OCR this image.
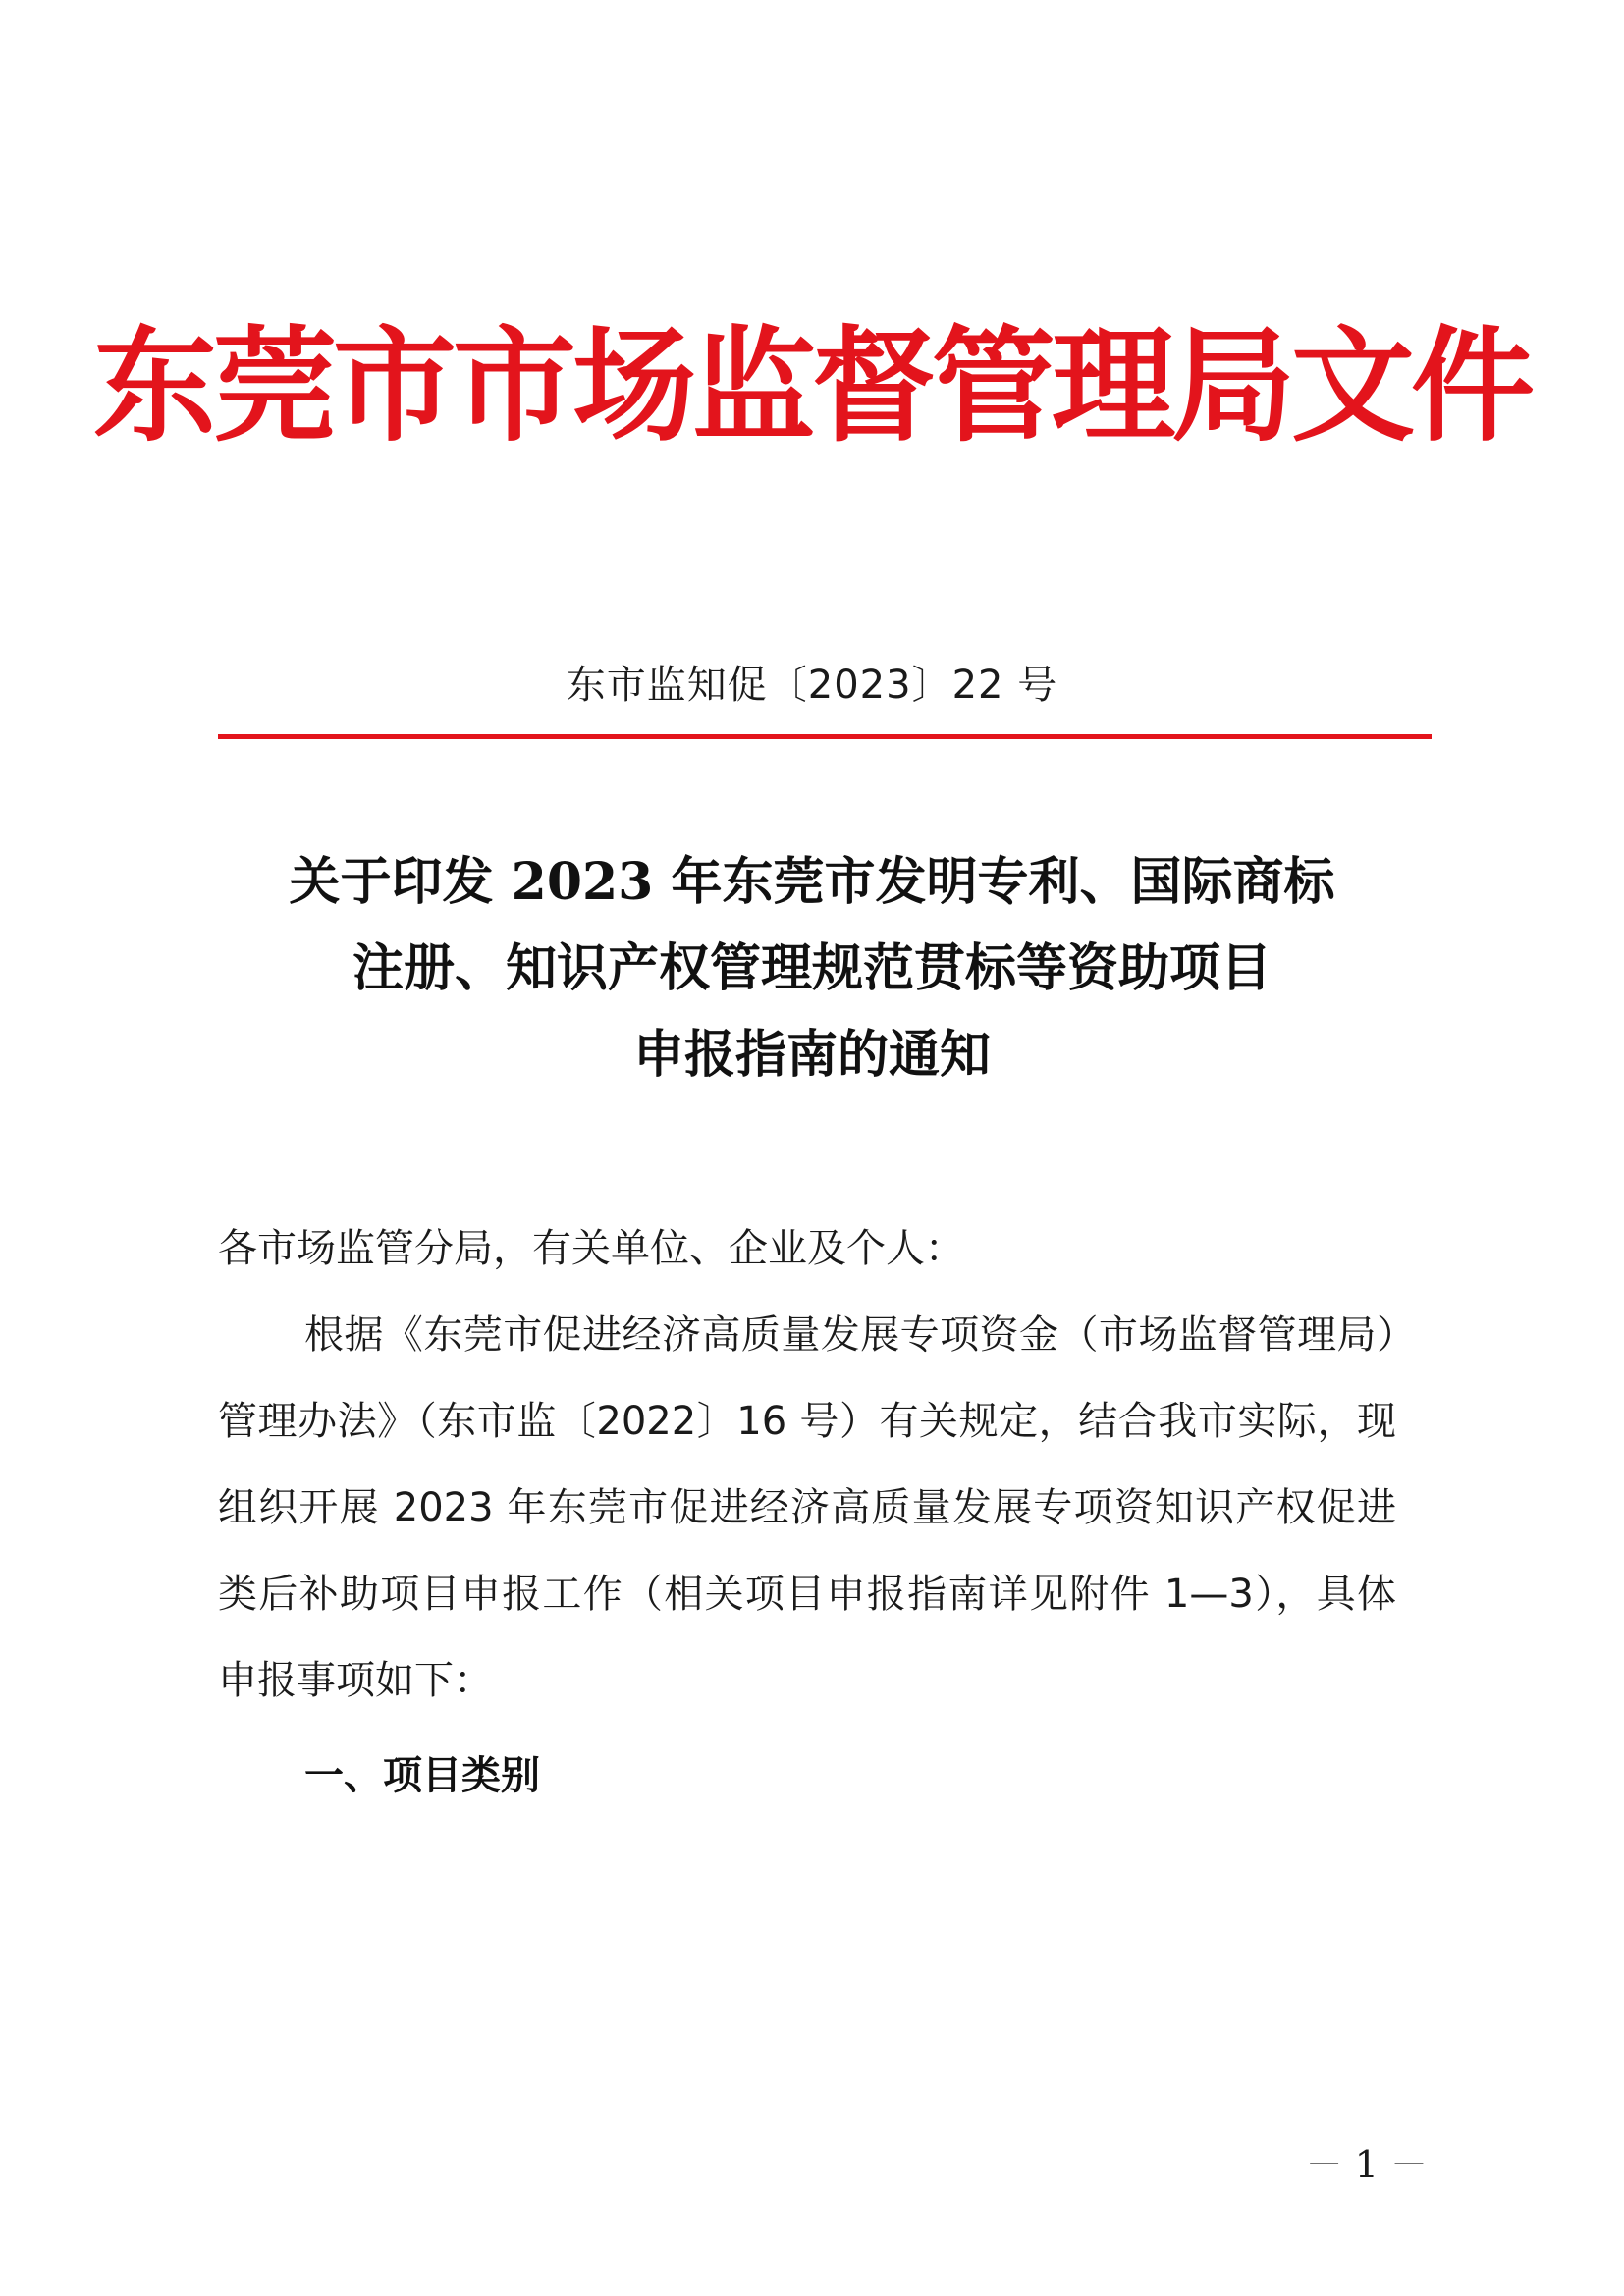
东莞市市场监督管理局文件
东市监知促〔2023〕22 号
关于印发 2023 年东莞市发明专利、国际商标
注册、知识产权管理规范贯标等资助项目
申报指南的通知
各市场监管分局，有关单位、企业及个人：

根据《东莞市促进经济高质量发展专项资金（市场监督管理局）管理办法》（东市监〔2022〕16 号）有关规定，结合我市实际，现组织开展 2023 年东莞市促进经济高质量发展专项资知识产权促进类后补助项目申报工作（相关项目申报指南详见附件 1—3），具体申报事项如下：

一、项目类别
－ 1 －
